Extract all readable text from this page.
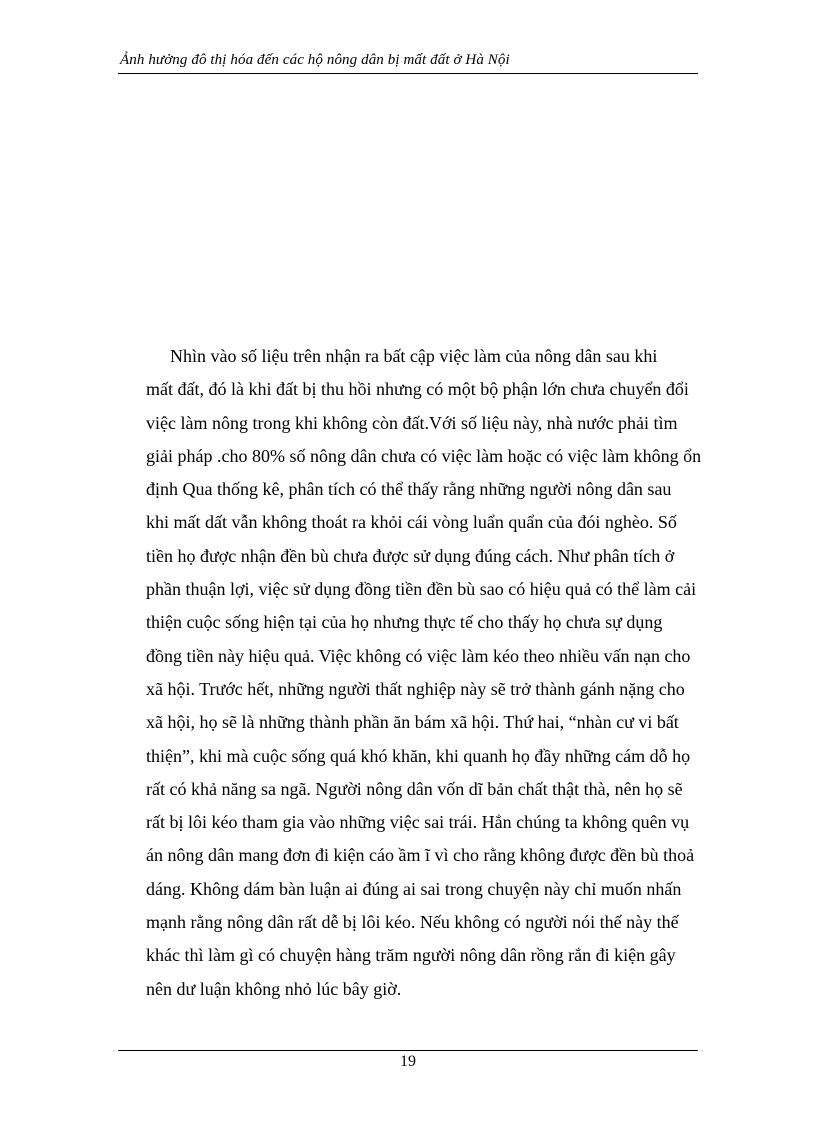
Ảnh hưởng đô thị hóa đến các hộ nông dân bị mất đất ở Hà Nội
Nhìn vào số liệu trên nhận ra bất cập việc làm của nông dân sau khi
mất đất, đó là khi đất bị thu hồi nhưng có một bộ phận lớn chưa chuyển đổi
việc làm nông trong khi không còn đất.Với số liệu này, nhà nước phải tìm
giải pháp .cho 80% số nông dân chưa có việc làm hoặc có việc làm không ổn
định Qua thống kê, phân tích có thể thấy rằng những người nông dân sau
khi mất dất vẫn không thoát ra khỏi cái vòng luẩn quẩn của đói nghèo. Số
tiền họ được nhận đền bù chưa được sử dụng đúng cách. Như phân tích ở
phần thuận lợi, việc sử dụng đồng tiền đền bù sao có hiệu quả có thể làm cải
thiện cuộc sống hiện tại của họ nhưng thực tế cho thấy họ chưa sự dụng
đồng tiền này hiệu quả. Việc không có việc làm kéo theo nhiều vấn nạn cho
xã hội. Trước hết, những người thất nghiệp này sẽ trở thành gánh nặng cho
xã hội, họ sẽ là những thành phần ăn bám xã hội. Thứ hai, “nhàn cư vi bất
thiện”, khi mà cuộc sống quá khó khăn, khi quanh họ đầy những cám dỗ họ
rất có khả năng sa ngã. Người nông dân vốn dĩ bản chất thật thà, nên họ sẽ
rất bị lôi kéo tham gia vào những việc sai trái. Hẳn chúng ta không quên vụ
án nông dân mang đơn đi kiện cáo ầm ĩ vì cho rằng không được đền bù thoả
dáng. Không dám bàn luận ai đúng ai sai trong chuyện này chỉ muốn nhấn
mạnh rằng nông dân rất dễ bị lôi kéo. Nếu không có người nói thế này thế
khác thì làm gì có chuyện hàng trăm người nông dân rồng rắn đi kiện gây
nên dư luận không nhỏ lúc bây giờ.
19
